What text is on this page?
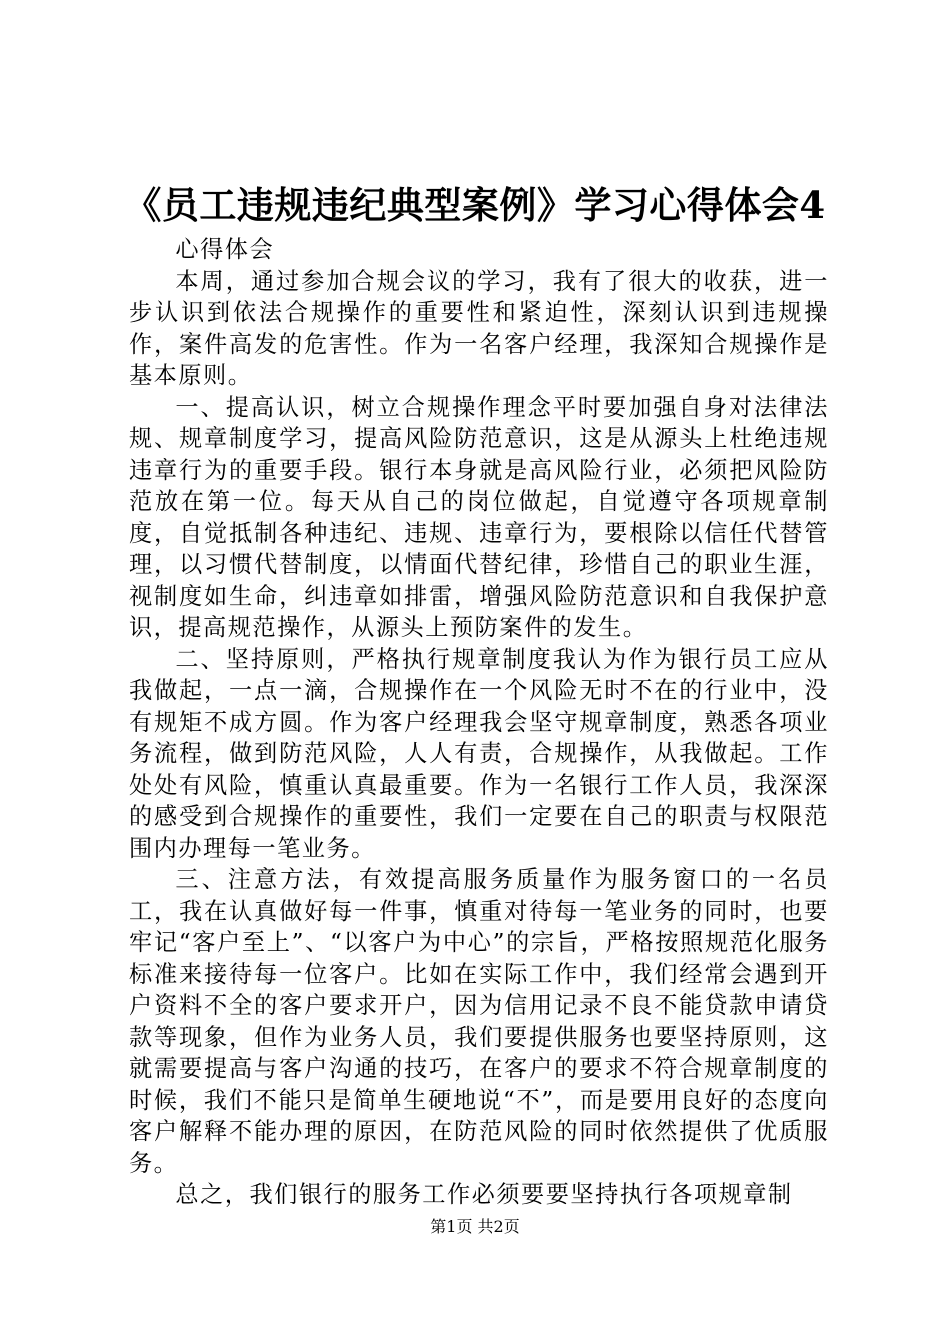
《员工违规违纪典型案例》学习心得体会4

心得体会

本周，通过参加合规会议的学习，我有了很大的收获，进一步认识到依法合规操作的重要性和紧迫性，深刻认识到违规操作，案件高发的危害性。作为一名客户经理，我深知合规操作是基本原则。

一、提高认识，树立合规操作理念平时要加强自身对法律法规、规章制度学习，提高风险防范意识，这是从源头上杜绝违规违章行为的重要手段。银行本身就是高风险行业，必须把风险防范放在第一位。每天从自己的岗位做起，自觉遵守各项规章制度，自觉抵制各种违纪、违规、违章行为，要根除以信任代替管理，以习惯代替制度，以情面代替纪律，珍惜自己的职业生涯，视制度如生命，纠违章如排雷，增强风险防范意识和自我保护意识，提高规范操作，从源头上预防案件的发生。

二、坚持原则，严格执行规章制度我认为作为银行员工应从我做起，一点一滴，合规操作在一个风险无时不在的行业中，没有规矩不成方圆。作为客户经理我会坚守规章制度，熟悉各项业务流程，做到防范风险，人人有责，合规操作，从我做起。工作处处有风险，慎重认真最重要。作为一名银行工作人员，我深深的感受到合规操作的重要性，我们一定要在自己的职责与权限范围内办理每一笔业务。

三、注意方法，有效提高服务质量作为服务窗口的一名员工，我在认真做好每一件事，慎重对待每一笔业务的同时，也要牢记“客户至上”、“以客户为中心”的宗旨，严格按照规范化服务标准来接待每一位客户。比如在实际工作中，我们经常会遇到开户资料不全的客户要求开户，因为信用记录不良不能贷款申请贷款等现象，但作为业务人员，我们要提供服务也要坚持原则，这就需要提高与客户沟通的技巧，在客户的要求不符合规章制度的时候，我们不能只是简单生硬地说“不”，而是要用良好的态度向客户解释不能办理的原因，在防范风险的同时依然提供了优质服务。

总之，我们银行的服务工作必须要要坚持执行各项规章制

第1页 共2页
